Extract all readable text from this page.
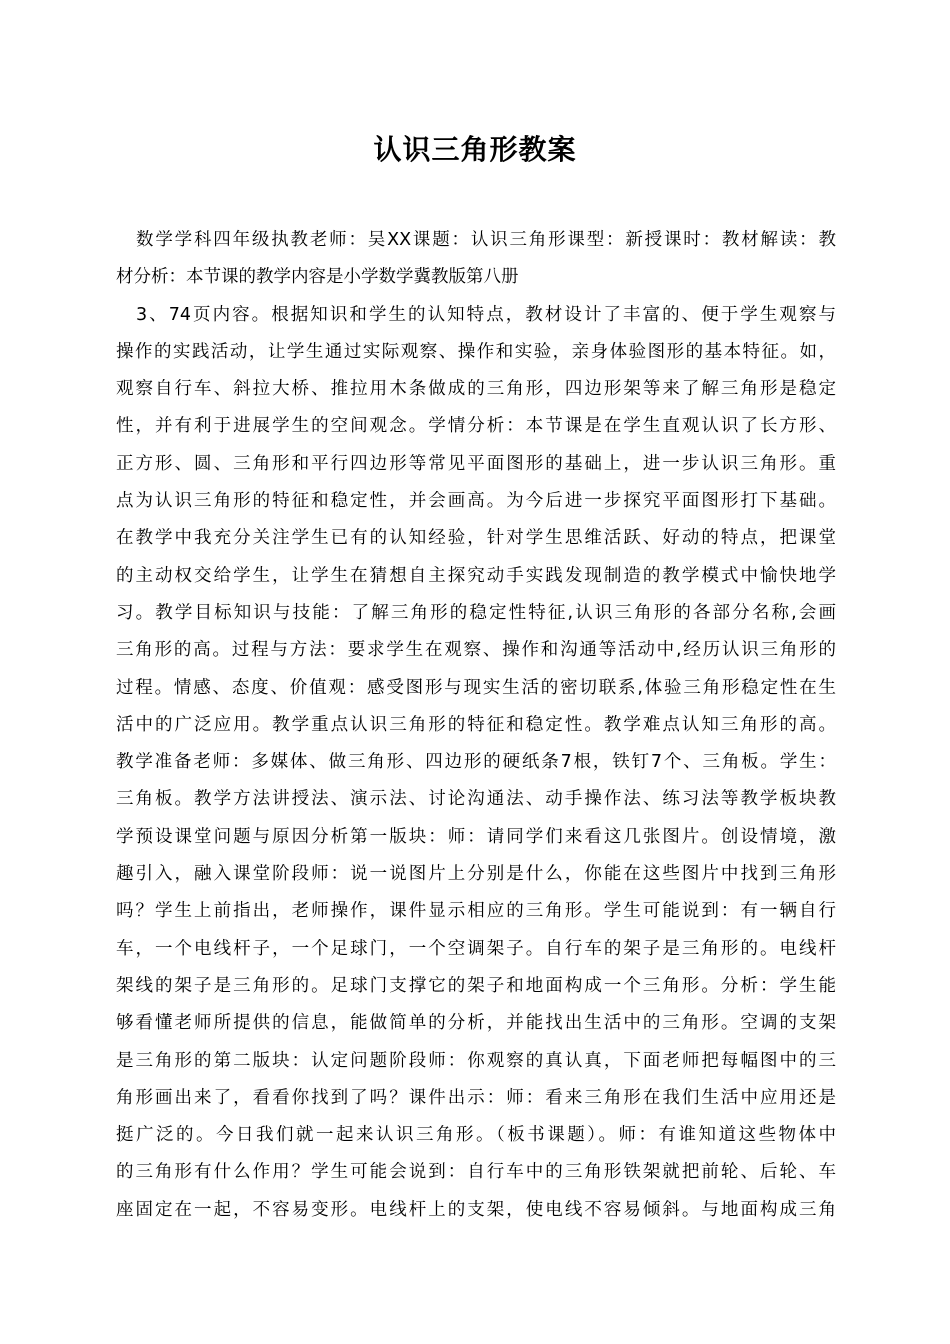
认识三角形教案
数学学科四年级执教老师：吴XX课题：认识三角形课型：新授课时：教材解读：教
材分析：本节课的教学内容是小学数学冀教版第八册
3、74页内容。根据知识和学生的认知特点，教材设计了丰富的、便于学生观察与
操作的实践活动，让学生通过实际观察、操作和实验，亲身体验图形的基本特征。如，
观察自行车、斜拉大桥、推拉用木条做成的三角形，四边形架等来了解三角形是稳定
性，并有利于进展学生的空间观念。学情分析：本节课是在学生直观认识了长方形、
正方形、圆、三角形和平行四边形等常见平面图形的基础上，进一步认识三角形。重
点为认识三角形的特征和稳定性，并会画高。为今后进一步探究平面图形打下基础。
在教学中我充分关注学生已有的认知经验，针对学生思维活跃、好动的特点，把课堂
的主动权交给学生，让学生在猜想自主探究动手实践发现制造的教学模式中愉快地学
习。教学目标知识与技能：了解三角形的稳定性特征,认识三角形的各部分名称,会画
三角形的高。过程与方法：要求学生在观察、操作和沟通等活动中,经历认识三角形的
过程。情感、态度、价值观：感受图形与现实生活的密切联系,体验三角形稳定性在生
活中的广泛应用。教学重点认识三角形的特征和稳定性。教学难点认知三角形的高。
教学准备老师：多媒体、做三角形、四边形的硬纸条7根，铁钉7个、三角板。学生：
三角板。教学方法讲授法、演示法、讨论沟通法、动手操作法、练习法等教学板块教
学预设课堂问题与原因分析第一版块：师：请同学们来看这几张图片。创设情境，激
趣引入，融入课堂阶段师：说一说图片上分别是什么，你能在这些图片中找到三角形
吗？学生上前指出，老师操作，课件显示相应的三角形。学生可能说到：有一辆自行
车，一个电线杆子，一个足球门，一个空调架子。自行车的架子是三角形的。电线杆
架线的架子是三角形的。足球门支撑它的架子和地面构成一个三角形。分析：学生能
够看懂老师所提供的信息，能做简单的分析，并能找出生活中的三角形。空调的支架
是三角形的第二版块：认定问题阶段师：你观察的真认真，下面老师把每幅图中的三
角形画出来了，看看你找到了吗？课件出示：师：看来三角形在我们生活中应用还是
挺广泛的。今日我们就一起来认识三角形。（板书课题）。师：有谁知道这些物体中
的三角形有什么作用？学生可能会说到：自行车中的三角形铁架就把前轮、后轮、车
座固定在一起，不容易变形。电线杆上的支架，使电线不容易倾斜。与地面构成三角
